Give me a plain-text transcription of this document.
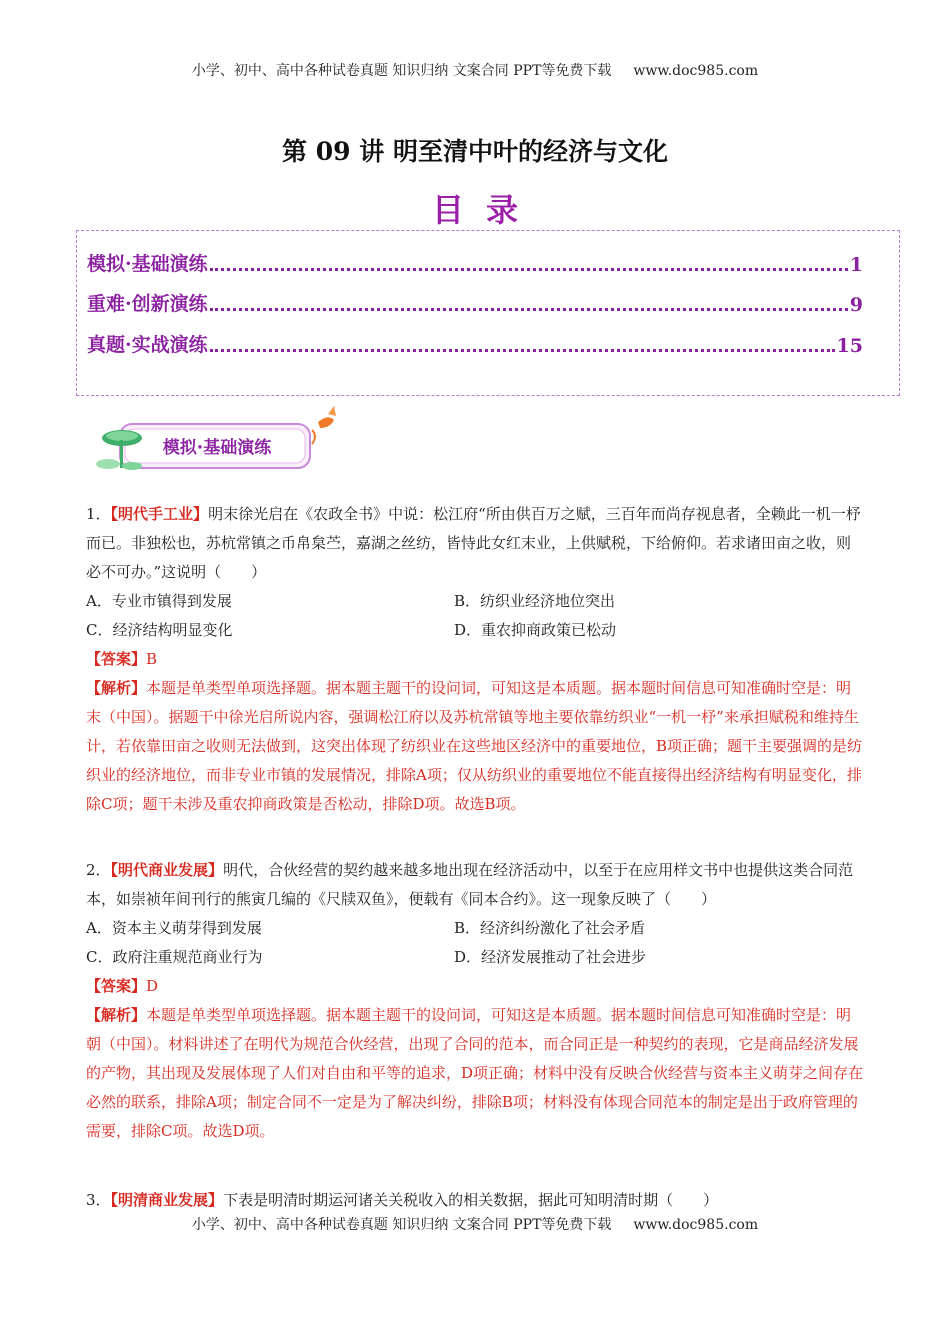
小学、初中、高中各种试卷真题 知识归纳 文案合同 PPT等免费下载 www.doc985.com
第 09 讲 明至清中叶的经济与文化
目录
模拟·基础演练	1
重难·创新演练	9
真题·实战演练	15
模拟·基础演练

1．【明代手工业】明末徐光启在《农政全书》中说：松江府“所由供百万之赋，三百年而尚存视息者，全赖此一机一杼而已。非独松也，苏杭常镇之币帛枲苎，嘉湖之丝纺，皆恃此女红末业，上供赋税，下给俯仰。若求诸田亩之收，则必不可办。”这说明（　　）

A．专业市镇得到发展	B．纺织业经济地位突出
C．经济结构明显变化	D．重农抑商政策已松动

【答案】B

【解析】本题是单类型单项选择题。据本题主题干的设问词，可知这是本质题。据本题时间信息可知准确时空是：明末（中国）。据题干中徐光启所说内容，强调松江府以及苏杭常镇等地主要依靠纺织业“一机一杼”来承担赋税和维持生计，若依靠田亩之收则无法做到，这突出体现了纺织业在这些地区经济中的重要地位，B项正确；题干主要强调的是纺织业的经济地位，而非专业市镇的发展情况，排除A项；仅从纺织业的重要地位不能直接得出经济结构有明显变化，排除C项；题干未涉及重农抑商政策是否松动，排除D项。故选B项。

2．【明代商业发展】明代，合伙经营的契约越来越多地出现在经济活动中，以至于在应用样文书中也提供这类合同范本，如崇祯年间刊行的熊寅几编的《尺牍双鱼》，便载有《同本合约》。这一现象反映了（　　）

A．资本主义萌芽得到发展	B．经济纠纷激化了社会矛盾
C．政府注重规范商业行为	D．经济发展推动了社会进步

【答案】D

【解析】本题是单类型单项选择题。据本题主题干的设问词，可知这是本质题。据本题时间信息可知准确时空是：明朝（中国）。材料讲述了在明代为规范合伙经营，出现了合同的范本，而合同正是一种契约的表现，它是商品经济发展的产物，其出现及发展体现了人们对自由和平等的追求，D项正确；材料中没有反映合伙经营与资本主义萌芽之间存在必然的联系，排除A项；制定合同不一定是为了解决纠纷，排除B项；材料没有体现合同范本的制定是出于政府管理的需要，排除C项。故选D项。

3．【明清商业发展】下表是明清时期运河诸关关税收入的相关数据，据此可知明清时期（　　）

小学、初中、高中各种试卷真题 知识归纳 文案合同 PPT等免费下载 www.doc985.com
